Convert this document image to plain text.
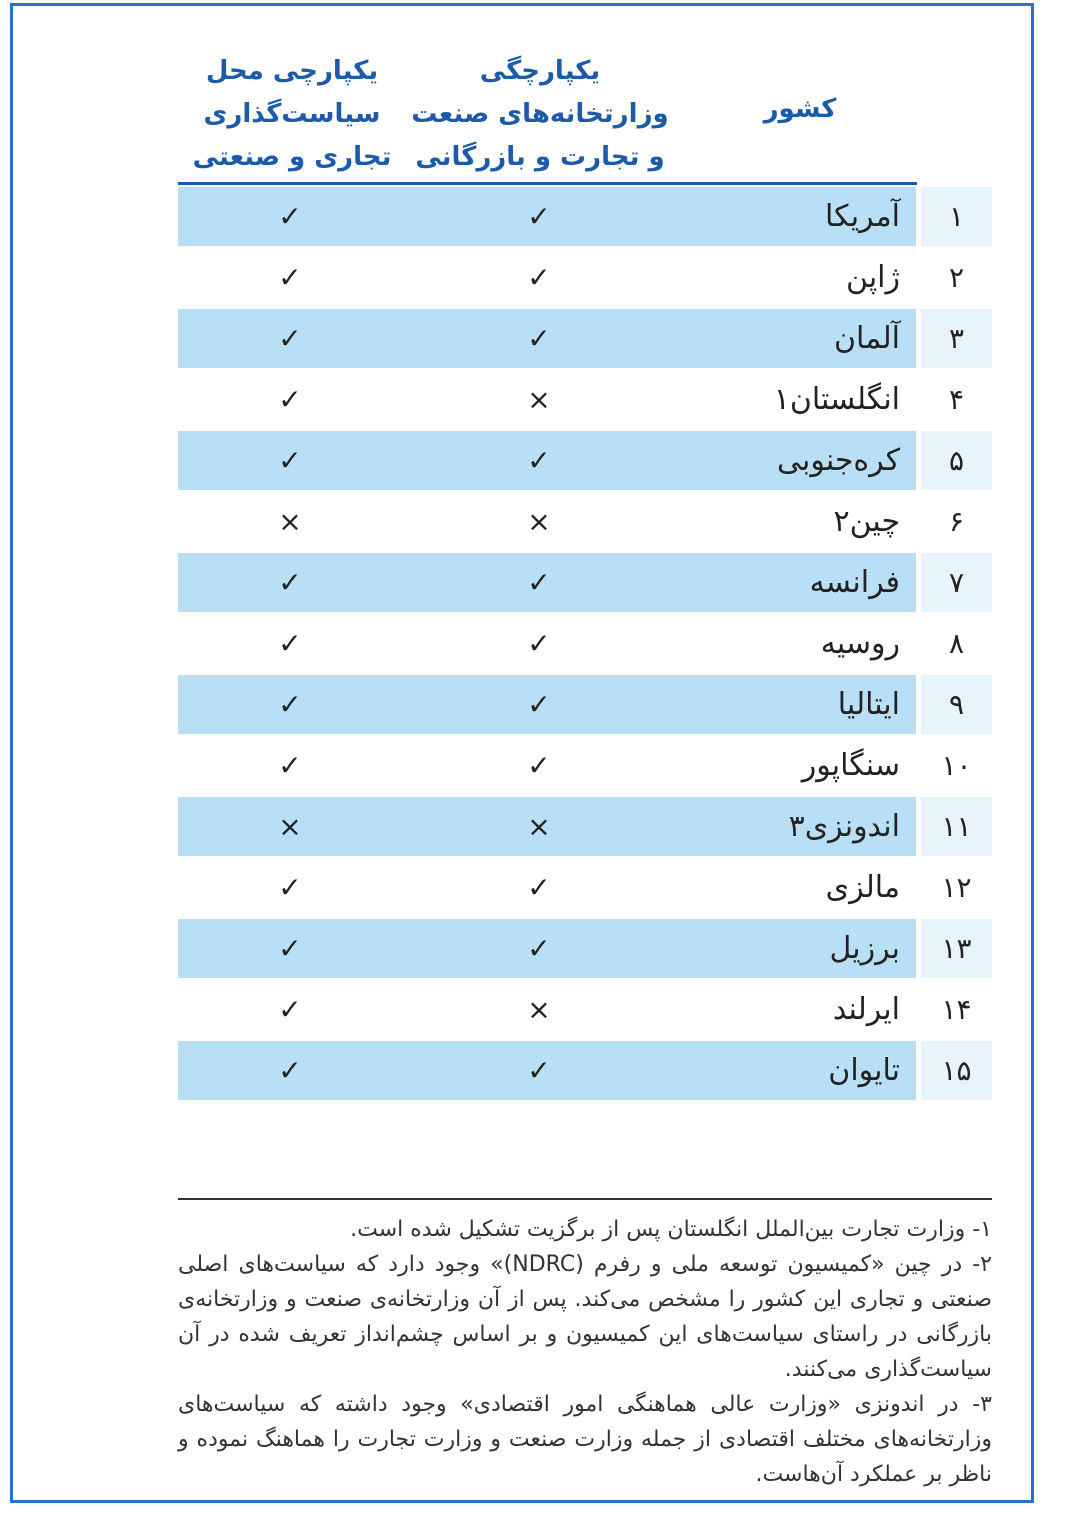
کشور
یکپارچگی
وزارتخانه‌های صنعت
و تجارت و بازرگانی
یکپارچی محل
سیاست‌گذاری
تجاری و صنعتی
۱
آمریکا
✓
✓
۲
ژاپن
✓
✓
۳
آلمان
✓
✓
۴
انگلستان۱
×
✓
۵
کره‌جنوبی
✓
✓
۶
چین۲
×
×
۷
فرانسه
✓
✓
۸
روسیه
✓
✓
۹
ایتالیا
✓
✓
۱۰
سنگاپور
✓
✓
۱۱
اندونزی۳
×
×
۱۲
مالزی
✓
✓
۱۳
برزیل
✓
✓
۱۴
ایرلند
×
✓
۱۵
تایوان
✓
✓

۱- وزارت تجارت بین‌الملل انگلستان پس از برگزیت تشکیل شده است.

۲- در چین «کمیسیون توسعه ملی و رفرم (NDRC)» وجود دارد که سیاست‌های اصلی صنعتی و تجاری این کشور را مشخص می‌کند. پس از آن وزارتخانه‌ی صنعت و وزارتخانه‌ی بازرگانی در راستای سیاست‌های این کمیسیون و بر اساس چشم‌انداز تعریف شده در آن سیاست‌گذاری می‌کنند.

۳- در اندونزی «وزارت عالی هماهنگی امور اقتصادی» وجود داشته که سیاست‌های وزارتخانه‌های مختلف اقتصادی از جمله وزارت صنعت و وزارت تجارت را هماهنگ نموده و ناظر بر عملکرد آن‌هاست.
